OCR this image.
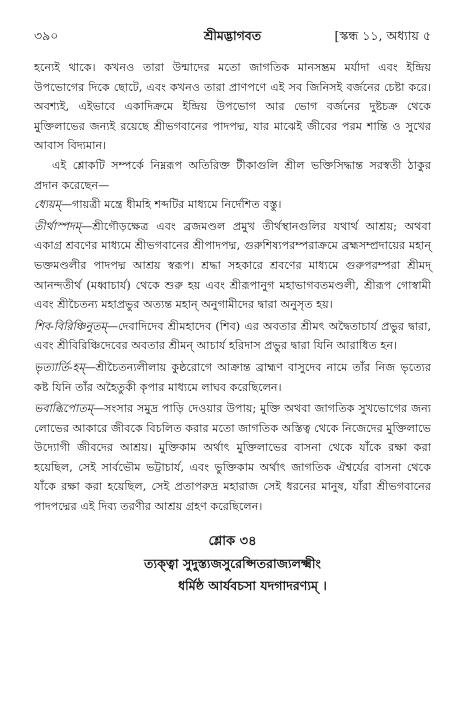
৩৯০	শ্রীমদ্ভাগবত	[স্কন্ধ ১১, অধ্যায় ৫

হন্যেই থাকে। কখনও তারা উন্মাদের মতো জাগতিক মানসম্ভ্রম মর্যাদা এবং ইন্দ্রিয় উপভোগের দিকে ছোটে, এবং কখনও তারা প্রাণপণে এই সব জিনিসই বর্জনের চেষ্টা করে। অবশ্যই, এইভাবে একাদিক্রমে ইন্দ্রিয় উপভোগ আর ভোগ বর্জনের দুষ্টচক্র থেকে মুক্তিলাভের জন্যই রয়েছে শ্রীভগবানের পাদপদ্ম, যার মাঝেই জীবের পরম শান্তি ও সুখের আবাস বিদ্যমান।

এই শ্লোকটি সম্পর্কে নিম্নরূপ অতিরিক্ত টীকাগুলি শ্রীল ভক্তিসিদ্ধান্ত সরস্বতী ঠাকুর প্রদান করেছেন—

ধ্যেয়ম্—গায়ত্রী মন্ত্রে ধীমহি শব্দটির মাধ্যমে নির্দেশিত বস্তু।

তীর্থাস্পদম্—শ্রীগৌড়ক্ষেত্র এবং ব্রজমণ্ডল প্রমুখ তীর্থস্থানগুলির যথার্থ আশ্রয়; অথবা একাগ্র শ্রবণের মাধ্যমে শ্রীভগবানের শ্রীপাদপদ্ম, গুরুশিষ্যপরম্পরাক্রমে ব্রহ্মসম্প্রদায়ের মহান্ ভক্তমণ্ডলীর পাদপদ্ম আশ্রয় স্বরূপ। শ্রদ্ধা সহকারে শ্রবণের মাধ্যমে গুরুপরম্পরা শ্রীমদ্ আনন্দতীর্থ (মধ্বাচার্য) থেকে শুরু হয় এবং শ্রীরূপানুগ মহাভাগবতমণ্ডলী, শ্রীরূপ গোস্বামী এবং শ্রীচৈতন্য মহাপ্রভুর অত্যন্ত মহান্ অনুগামীদের দ্বারা অনুসৃত হয়।

শিব-বিরিঞ্চিনুতম্—দেবাদিদেব শ্রীমহাদেব (শিব) এর অবতার শ্রীমৎ অদ্বৈতাচার্য প্রভুর দ্বারা, এবং শ্রীবিরিঞ্চিদেবের অবতার শ্রীমন্ আচার্য হরিদাস প্রভুর দ্বারা যিনি আরাধিত হন।

ভৃত্যার্তি-হম্—শ্রীচৈতন্যলীলায় কুষ্ঠরোগে আক্রান্ত ব্রাহ্মণ বাসুদেব নামে তাঁর নিজ ভৃত্যের কষ্ট যিনি তাঁর অহৈতুকী কৃপার মাধ্যমে লাঘব করেছিলেন।

ভবাব্ধিপোতম্—সংসার সমুদ্র পাড়ি দেওয়ার উপায়; মুক্তি অথবা জাগতিক সুখভোগের জন্য লোভের আকারে জীবকে বিচলিত করার মতো জাগতিক অস্তিত্ব থেকে নিজেদের মুক্তিলাভে উদ্যোগী জীবদের আশ্রয়। মুক্তিকাম অর্থাৎ মুক্তিলাভের বাসনা থেকে যাঁকে রক্ষা করা হয়েছিল, সেই সার্বভৌম ভট্টাচার্য, এবং ভুক্তিকাম অর্থাৎ জাগতিক ঐশ্বর্যের বাসনা থেকে যাঁকে রক্ষা করা হয়েছিল, সেই প্রতাপরুদ্র মহারাজ সেই ধরনের মানুষ, যাঁরা শ্রীভগবানের পাদপদ্মের এই দিব্য তরণীর আশ্রয় গ্রহণ করেছিলেন।

শ্লোক ৩৪
ত্যক্ত্বা সুদুস্ত্যজসুরেপ্সিতরাজ্যলক্ষ্মীং
ধর্মিষ্ঠ আর্যবচসা যদগাদরণ্যম্ ।
